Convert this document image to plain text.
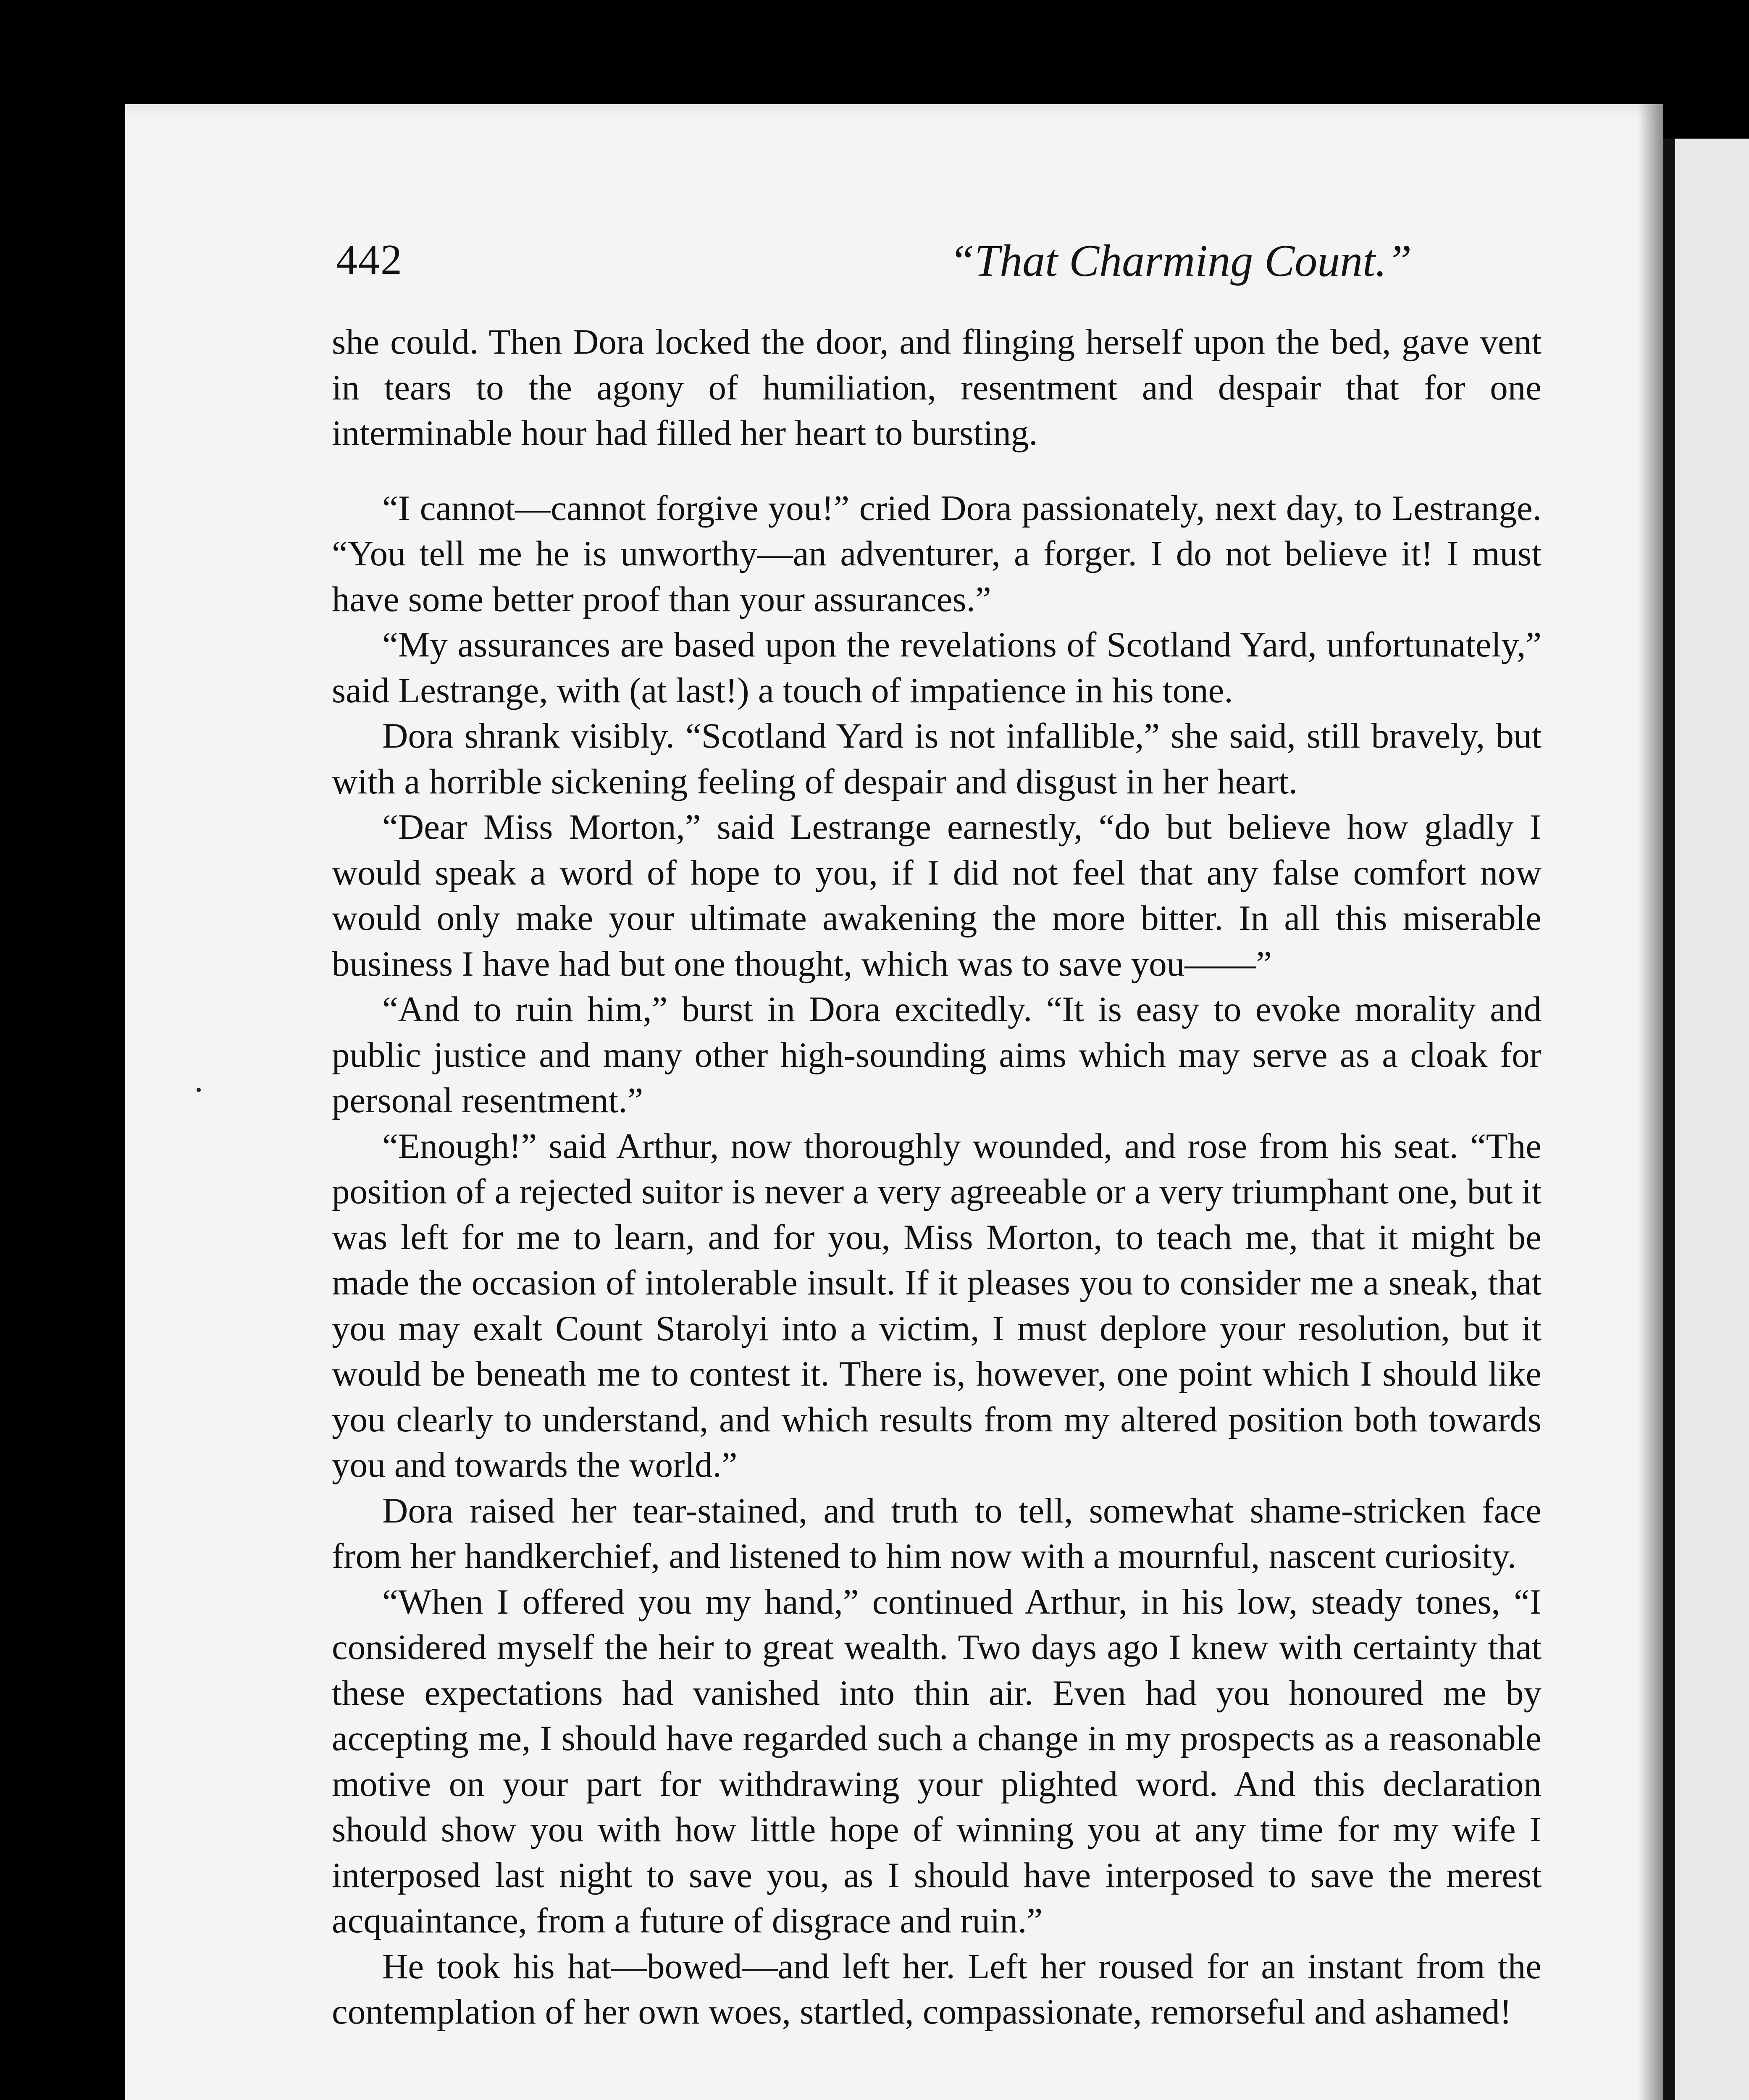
442	“That Charming Count.”

she could. Then Dora locked the door, and flinging herself upon the bed, gave vent in tears to the agony of humiliation, resentment and despair that for one interminable hour had filled her heart to bursting.

“I cannot—cannot forgive you!” cried Dora passionately, next day, to Lestrange. “You tell me he is unworthy—an adventurer, a forger. I do not believe it! I must have some better proof than your assurances.”

“My assurances are based upon the revelations of Scotland Yard, unfortunately,” said Lestrange, with (at last!) a touch of impatience in his tone.

Dora shrank visibly. “Scotland Yard is not infallible,” she said, still bravely, but with a horrible sickening feeling of despair and disgust in her heart.

“Dear Miss Morton,” said Lestrange earnestly, “do but believe how gladly I would speak a word of hope to you, if I did not feel that any false comfort now would only make your ultimate awakening the more bitter. In all this miserable business I have had but one thought, which was to save you——”

“And to ruin him,” burst in Dora excitedly. “It is easy to evoke morality and public justice and many other high-sounding aims which may serve as a cloak for personal resentment.”

“Enough!” said Arthur, now thoroughly wounded, and rose from his seat. “The position of a rejected suitor is never a very agreeable or a very triumphant one, but it was left for me to learn, and for you, Miss Morton, to teach me, that it might be made the occasion of intolerable insult. If it pleases you to consider me a sneak, that you may exalt Count Starolyi into a victim, I must deplore your resolution, but it would be beneath me to contest it. There is, however, one point which I should like you clearly to understand, and which results from my altered position both towards you and towards the world.”

Dora raised her tear-stained, and truth to tell, somewhat shame-stricken face from her handkerchief, and listened to him now with a mournful, nascent curiosity.

“When I offered you my hand,” continued Arthur, in his low, steady tones, “I considered myself the heir to great wealth. Two days ago I knew with certainty that these expectations had vanished into thin air. Even had you honoured me by accepting me, I should have regarded such a change in my prospects as a reasonable motive on your part for withdrawing your plighted word. And this declaration should show you with how little hope of winning you at any time for my wife I interposed last night to save you, as I should have interposed to save the merest acquaintance, from a future of disgrace and ruin.”

He took his hat—bowed—and left her. Left her roused for an instant from the contemplation of her own woes, startled, compassionate, remorseful and ashamed!
